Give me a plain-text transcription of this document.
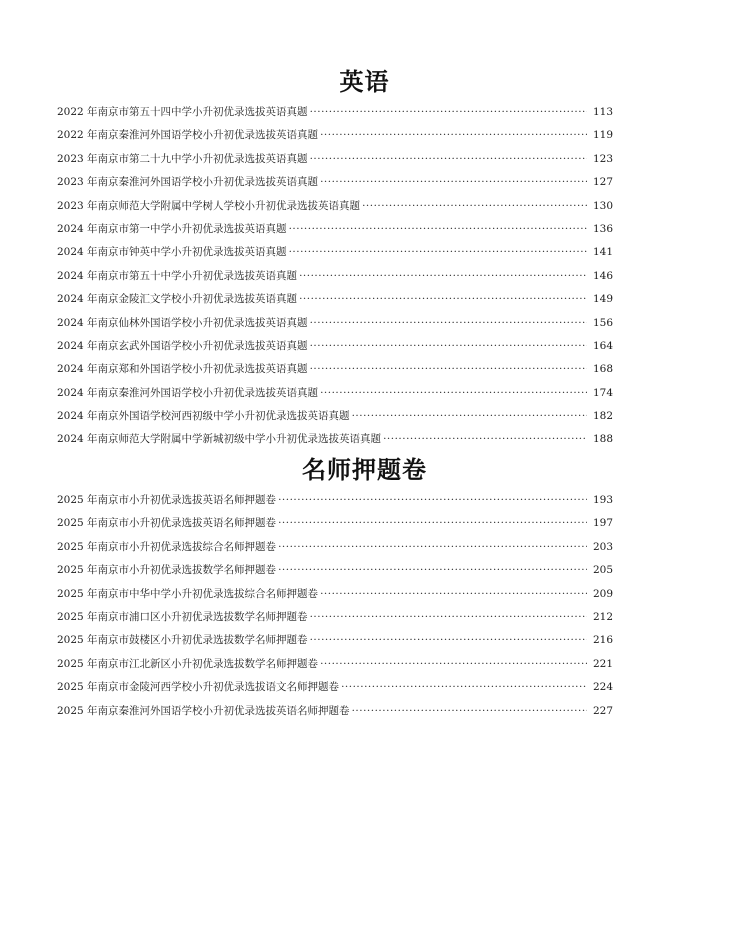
英语
2022 年南京市第五十四中学小升初优录选拔英语真题 ·····	113
2022 年南京秦淮河外国语学校小升初优录选拔英语真题 ·····	119
2023 年南京市第二十九中学小升初优录选拔英语真题 ·····	123
2023 年南京秦淮河外国语学校小升初优录选拔英语真题 ·····	127
2023 年南京师范大学附属中学树人学校小升初优录选拔英语真题 ·····	130
2024 年南京市第一中学小升初优录选拔英语真题 ·····	136
2024 年南京市钟英中学小升初优录选拔英语真题 ·····	141
2024 年南京市第五十中学小升初优录选拔英语真题 ·····	146
2024 年南京金陵汇文学校小升初优录选拔英语真题 ·····	149
2024 年南京仙林外国语学校小升初优录选拔英语真题 ·····	156
2024 年南京玄武外国语学校小升初优录选拔英语真题 ·····	164
2024 年南京郑和外国语学校小升初优录选拔英语真题 ·····	168
2024 年南京秦淮河外国语学校小升初优录选拔英语真题 ·····	174
2024 年南京外国语学校河西初级中学小升初优录选拔英语真题 ·····	182
2024 年南京师范大学附属中学新城初级中学小升初优录选拔英语真题 ·····	188
名师押题卷
2025 年南京市小升初优录选拔英语名师押题卷 ·····	193
2025 年南京市小升初优录选拔英语名师押题卷 ·····	197
2025 年南京市小升初优录选拔综合名师押题卷 ·····	203
2025 年南京市小升初优录选拔数学名师押题卷 ·····	205
2025 年南京市中华中学小升初优录选拔综合名师押题卷 ·····	209
2025 年南京市浦口区小升初优录选拔数学名师押题卷 ·····	212
2025 年南京市鼓楼区小升初优录选拔数学名师押题卷 ·····	216
2025 年南京市江北新区小升初优录选拔数学名师押题卷 ·····	221
2025 年南京市金陵河西学校小升初优录选拔语文名师押题卷 ·····	224
2025 年南京秦淮河外国语学校小升初优录选拔英语名师押题卷 ·····	227
